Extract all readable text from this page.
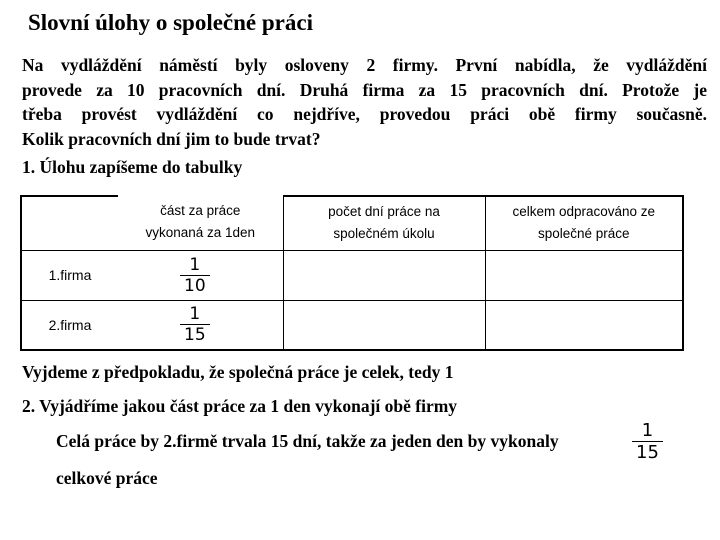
Slovní úlohy o společné práci
Na vydláždění náměstí byly osloveny 2 firmy. První nabídla, že vydláždění
provede za 10 pracovních dní. Druhá firma za 15 pracovních dní. Protože je
třeba provést vydláždění co nejdříve, provedou práci obě firmy současně.
Kolik pracovních dní jim to bude trvat?
1. Úlohu zapíšeme do tabulky
	část za práce
vykonaná za 1den	počet dní práce na
společném úkolu	celkem odpracováno ze
společné práce
1.firma	$\frac{1}{10}$

2.firma	$\frac{1}{15}$

Vyjdeme z předpokladu, že společná práce je celek, tedy 1
2. Vyjádříme jakou část práce za 1 den vykonají obě firmy
Celá práce by 2.firmě trvala 15 dní, takže za jeden den by vykonaly	$\frac{1}{15}$
celkové práce
